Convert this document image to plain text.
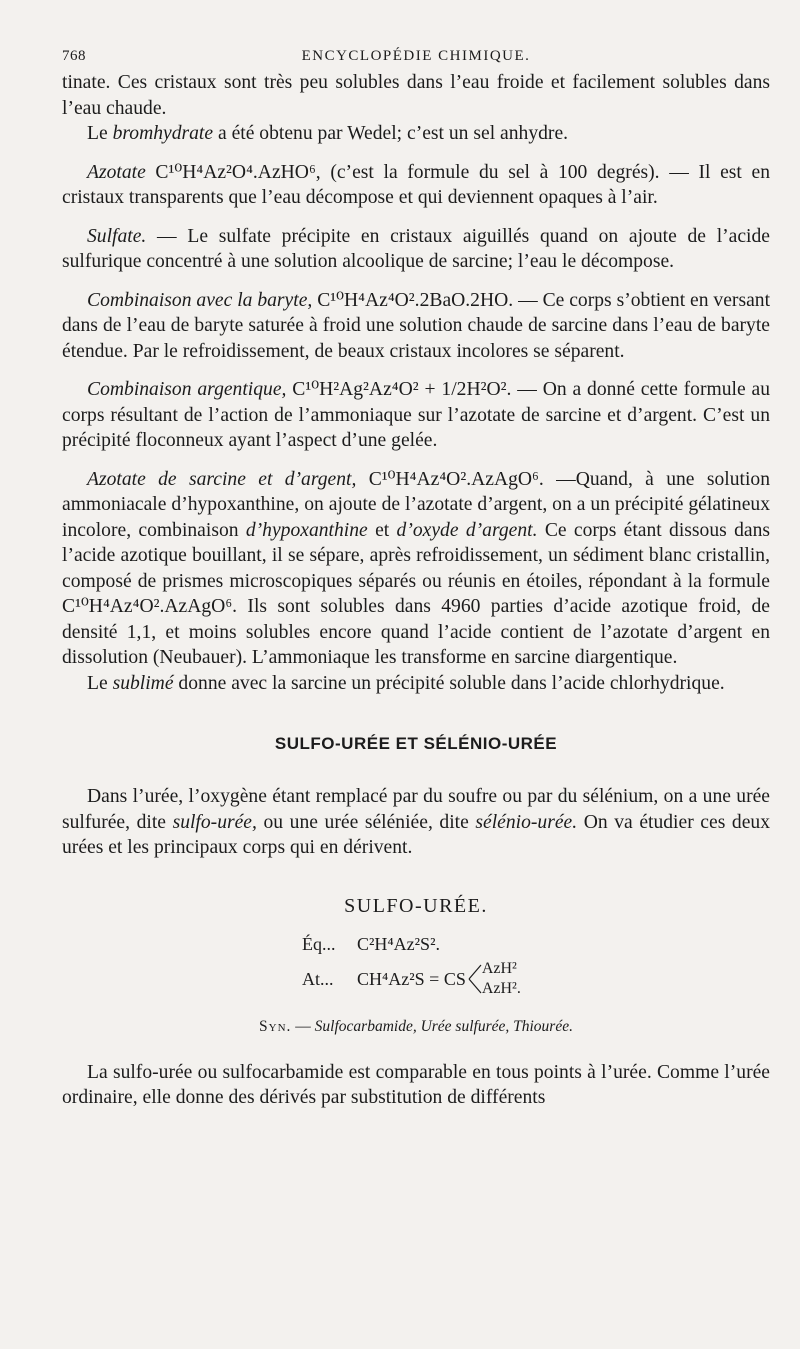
768	ENCYCLOPÉDIE CHIMIQUE.

tinate. Ces cristaux sont très peu solubles dans l’eau froide et facilement solubles dans l’eau chaude.

Le bromhydrate a été obtenu par Wedel; c’est un sel anhydre.

Azotate C¹⁰H⁴Az²O⁴.AzHO⁶, (c’est la formule du sel à 100 degrés). — Il est en cristaux transparents que l’eau décompose et qui deviennent opaques à l’air.

Sulfate. — Le sulfate précipite en cristaux aiguillés quand on ajoute de l’acide sulfurique concentré à une solution alcoolique de sarcine; l’eau le décompose.

Combinaison avec la baryte, C¹⁰H⁴Az⁴O².2BaO.2HO. — Ce corps s’obtient en versant dans de l’eau de baryte saturée à froid une solution chaude de sarcine dans l’eau de baryte étendue. Par le refroidissement, de beaux cristaux incolores se séparent.

Combinaison argentique, C¹⁰H²Ag²Az⁴O² + 1/2H²O². — On a donné cette formule au corps résultant de l’action de l’ammoniaque sur l’azotate de sarcine et d’argent. C’est un précipité floconneux ayant l’aspect d’une gelée.

Azotate de sarcine et d’argent, C¹⁰H⁴Az⁴O².AzAgO⁶. —Quand, à une solution ammoniacale d’hypoxanthine, on ajoute de l’azotate d’argent, on a un précipité gélatineux incolore, combinaison d’hypoxanthine et d’oxyde d’argent. Ce corps étant dissous dans l’acide azotique bouillant, il se sépare, après refroidissement, un sédiment blanc cristallin, composé de prismes microscopiques séparés ou réunis en étoiles, répondant à la formule C¹⁰H⁴Az⁴O².AzAgO⁶. Ils sont solubles dans 4960 parties d’acide azotique froid, de densité 1,1, et moins solubles encore quand l’acide contient de l’azotate d’argent en dissolution (Neubauer). L’ammoniaque les transforme en sarcine diargentique.

Le sublimé donne avec la sarcine un précipité soluble dans l’acide chlorhydrique.

SULFO-URÉE ET SÉLÉNIO-URÉE

Dans l’urée, l’oxygène étant remplacé par du soufre ou par du sélénium, on a une urée sulfurée, dite sulfo-urée, ou une urée séléniée, dite sélénio-urée. On va étudier ces deux urées et les principaux corps qui en dérivent.

SULFO-URÉE.
Éq...	C²H⁴Az²S².
At...	CH⁴Az²S = CS
AzH²
AzH².
Syn. — Sulfocarbamide, Urée sulfurée, Thiourée.

La sulfo-urée ou sulfocarbamide est comparable en tous points à l’urée. Comme l’urée ordinaire, elle donne des dérivés par substitution de différents
